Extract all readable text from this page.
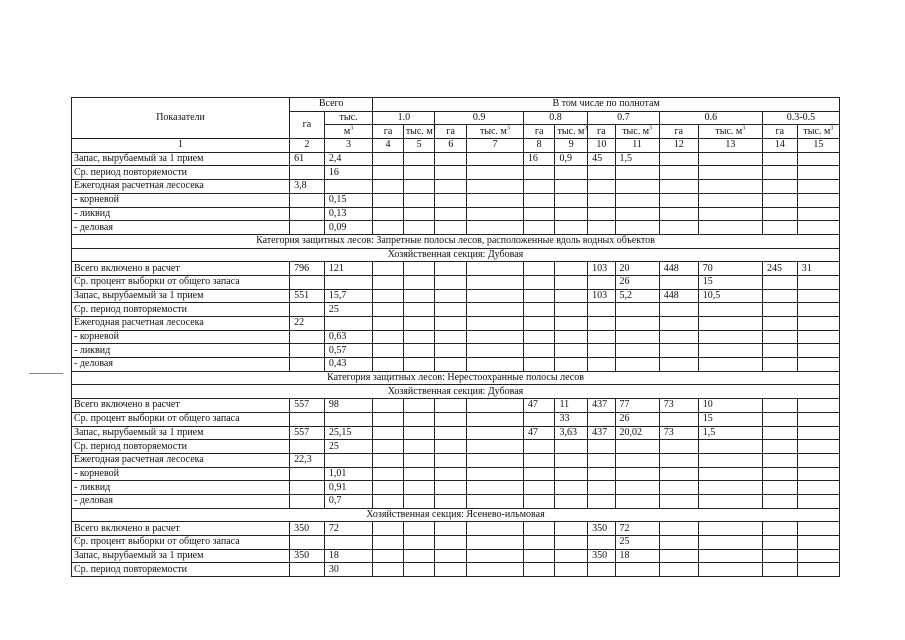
Показатели	Всего		В том числе по полнотам											
	га	тыс.	1.0		0.9		0.8		0.7		0.6		0.3-0.5	
		$м^3$	га	тыс. $м^3$	га	тыс. $м^3$	га	тыс. $м^3$	га	тыс. $м^3$	га	тыс. $м^3$	га	тыс. $м^3$
1	2	3	4	5	6	7	8	9	10	11	12	13	14	15
Запас, вырубаемый за 1 прием	61	2,4					16	0,9	45	1,5				
Ср. период повторяемости		16												
Ежегодная расчетная лесосека	3,8													
- корневой		0,15												
- ликвид		0,13												
- деловая		0,09												
Категория защитных лесов: Запретные полосы лесов, расположенные вдоль водных объектов														
Хозяйственная секция: Дубовая														
Всего включено в расчет	796	121							103	20	448	70	245	31
Ср. процент выборки от общего запаса										26		15		
Запас, вырубаемый за 1 прием	551	15,7							103	5,2	448	10,5		
Ср. период повторяемости		25												
Ежегодная расчетная лесосека	22													
- корневой		0,63												
- ликвид		0,57												
- деловая		0,43												
Категория защитных лесов: Нерестоохранные полосы лесов														
Хозяйственная секция: Дубовая														
Всего включено в расчет	557	98					47	11	437	77	73	10		
Ср. процент выборки от общего запаса								33		26		15		
Запас, вырубаемый за 1 прием	557	25,15					47	3,63	437	20,02	73	1,5		
Ср. период повторяемости		25												
Ежегодная расчетная лесосека	22,3													
- корневой		1,01												
- ликвид		0,91												
- деловая		0,7												
Хозяйственная секция: Ясенево-ильмовая														
Всего включено в расчет	350	72							350	72				
Ср. процент выборки от общего запаса										25				
Запас, вырубаемый за 1 прием	350	18							350	18				
Ср. период повторяемости		30												
